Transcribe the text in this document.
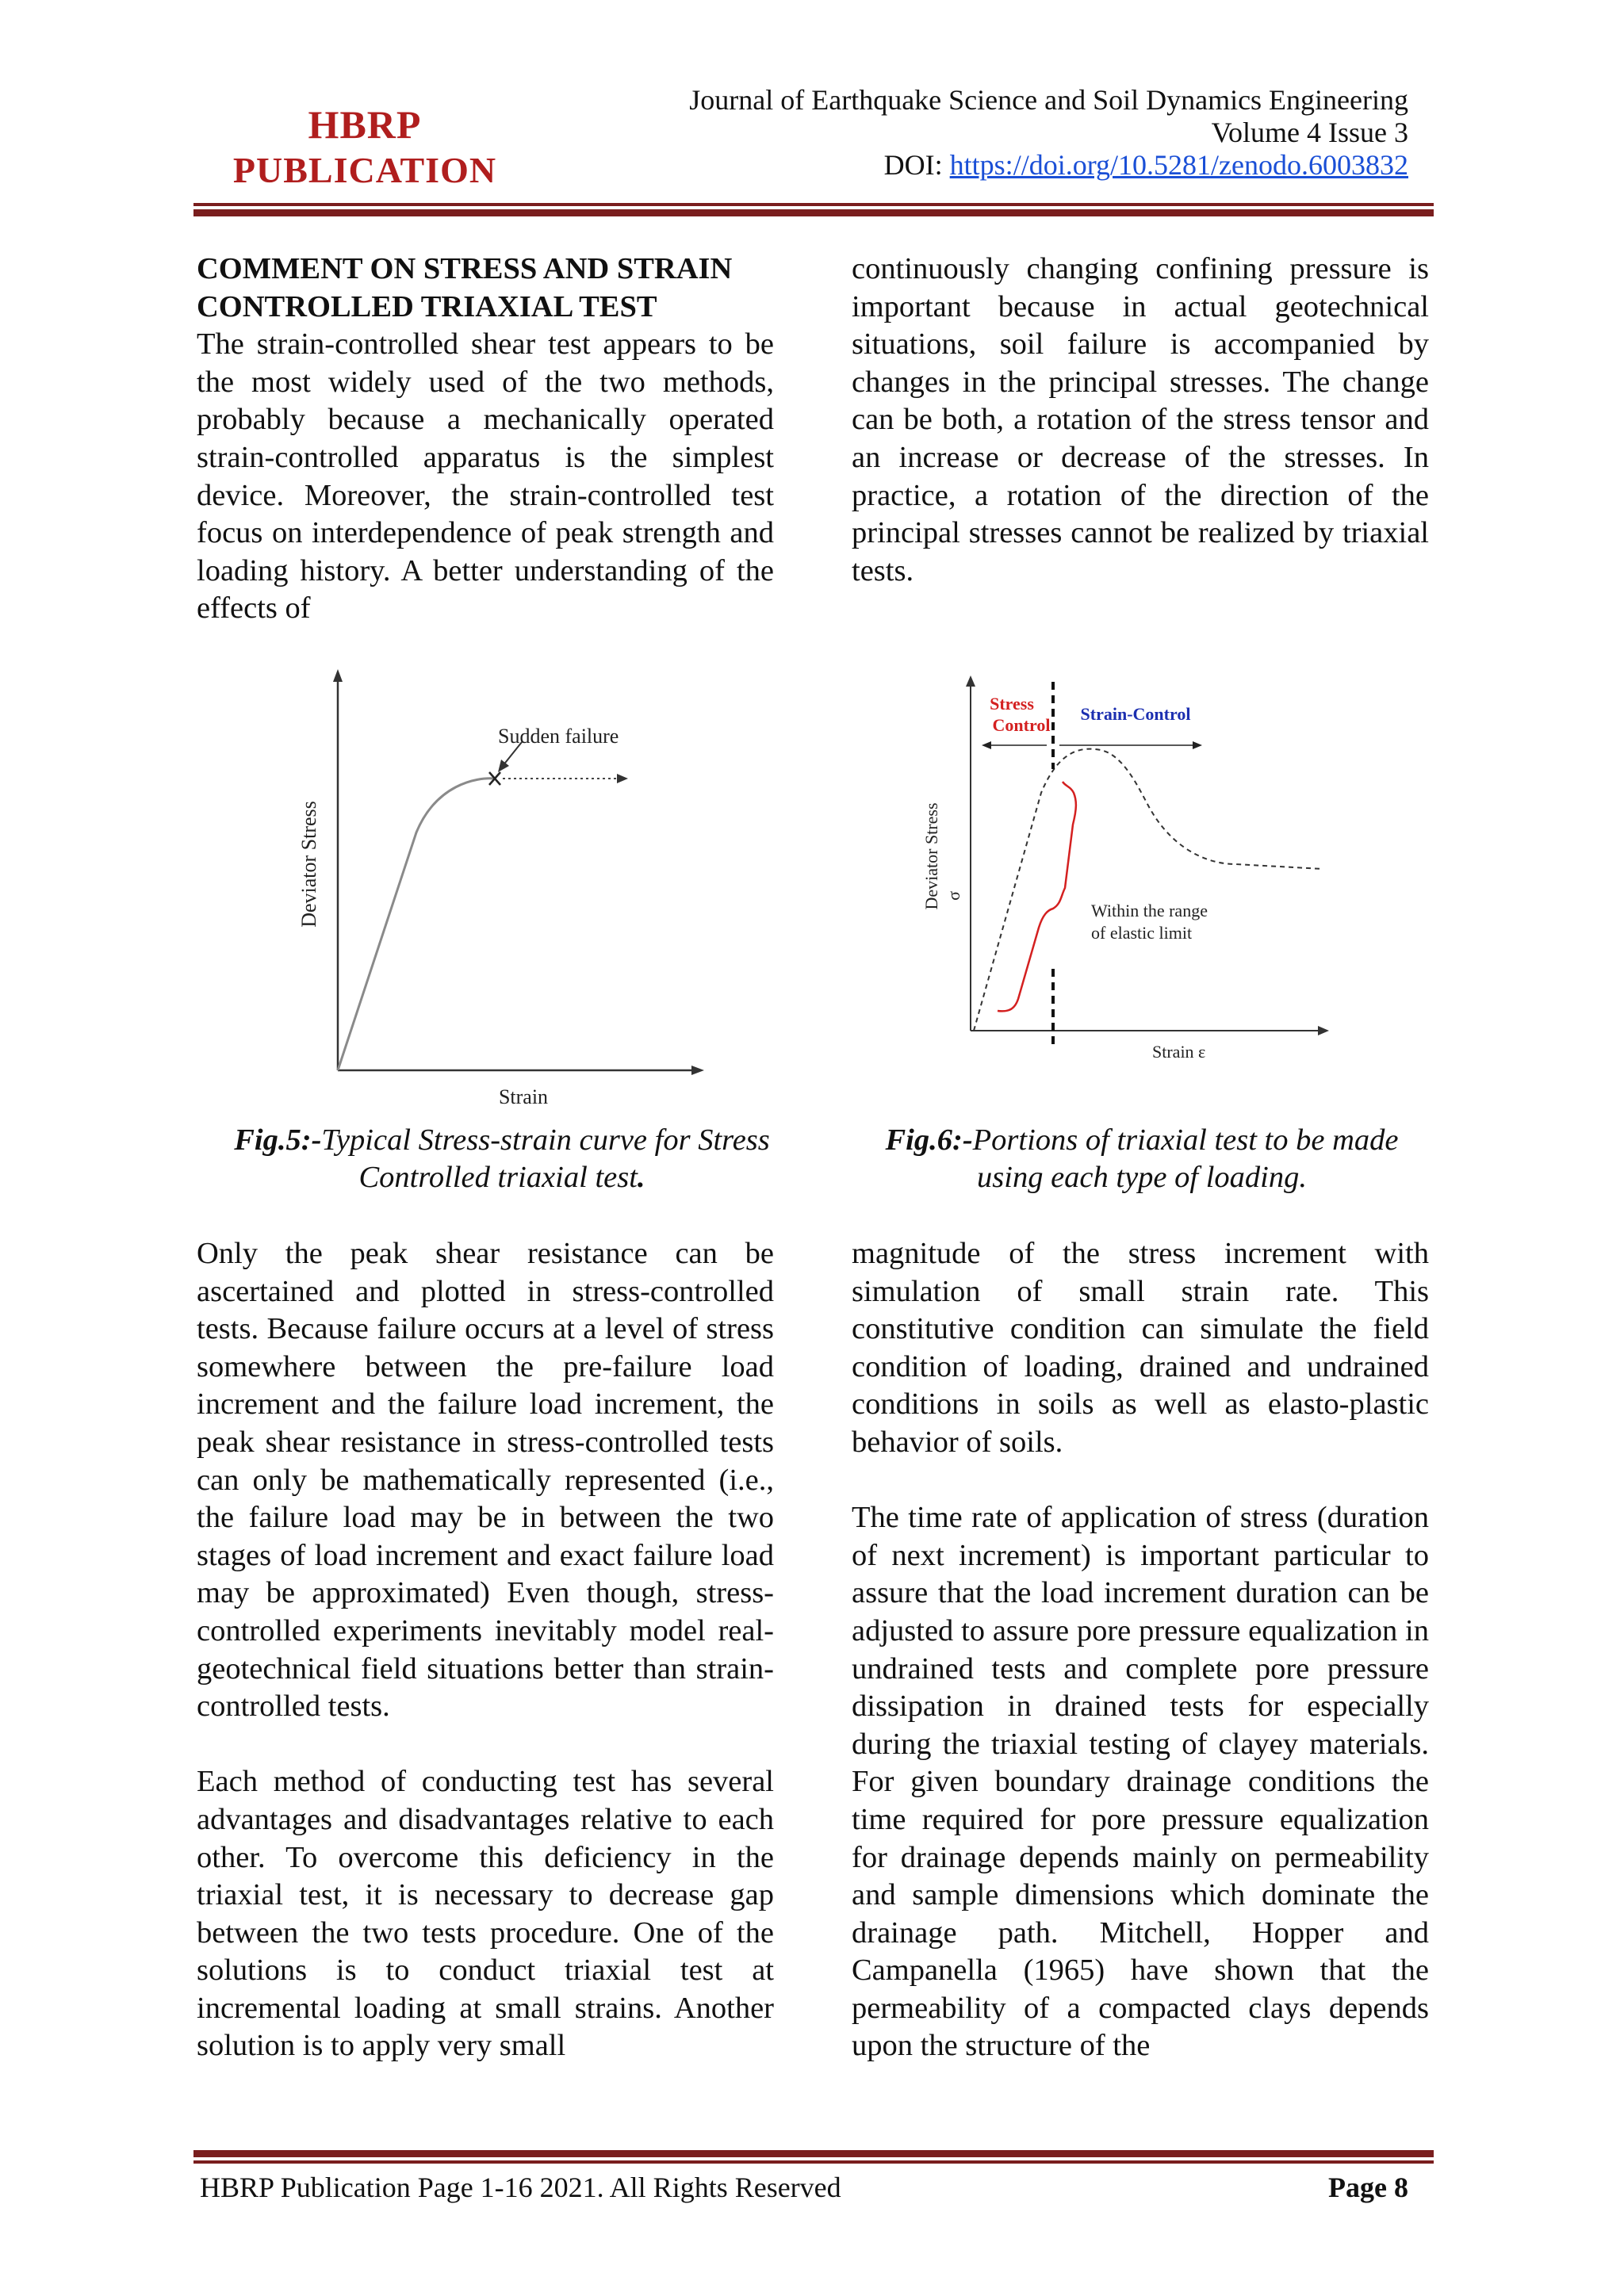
HBRP
PUBLICATION
Journal of Earthquake Science and Soil Dynamics Engineering
Volume 4 Issue 3
DOI: https://doi.org/10.5281/zenodo.6003832
COMMENT ON STRESS AND STRAIN
CONTROLLED TRIAXIAL TEST

The strain-controlled shear test appears to be the most widely used of the two methods, probably because a mechanically operated strain-controlled apparatus is the simplest device. Moreover, the strain-controlled test focus on interdependence of peak strength and loading history. A better understanding of the effects of

continuously changing confining pressure is important because in actual geotechnical situations, soil failure is accompanied by changes in the principal stresses. The change can be both, a rotation of the stress tensor and an increase or decrease of the stresses. In practice, a rotation of the direction of the principal stresses cannot be realized by triaxial tests.

Sudden failure
Strain
Deviator Stress
Stress
Control
Strain-Control
Within the range
of elastic limit
Strain ε
Deviator Stress σ
Fig.5:-Typical Stress-strain curve for Stress
Controlled triaxial test.
Fig.6:-Portions of triaxial test to be made
using each type of loading.

Only the peak shear resistance can be ascertained and plotted in stress-controlled tests. Because failure occurs at a level of stress somewhere between the pre-failure load increment and the failure load increment, the peak shear resistance in stress-controlled tests can only be mathematically represented (i.e., the failure load may be in between the two stages of load increment and exact failure load may be approximated) Even though, stress-controlled experiments inevitably model real-geotechnical field situations better than strain-controlled tests.

Each method of conducting test has several advantages and disadvantages relative to each other. To overcome this deficiency in the triaxial test, it is necessary to decrease gap between the two tests procedure. One of the solutions is to conduct triaxial test at incremental loading at small strains. Another solution is to apply very small

magnitude of the stress increment with simulation of small strain rate. This constitutive condition can simulate the field condition of loading, drained and undrained conditions in soils as well as elasto-plastic behavior of soils.

The time rate of application of stress (duration of next increment) is important particular to assure that the load increment duration can be adjusted to assure pore pressure equalization in undrained tests and complete pore pressure dissipation in drained tests for especially during the triaxial testing of clayey materials. For given boundary drainage conditions the time required for pore pressure equalization for drainage depends mainly on permeability and sample dimensions which dominate the drainage path. Mitchell, Hopper and Campanella (1965) have shown that the permeability of a compacted clays depends upon the structure of the

HBRP Publication Page 1-16 2021. All Rights Reserved	Page 8
